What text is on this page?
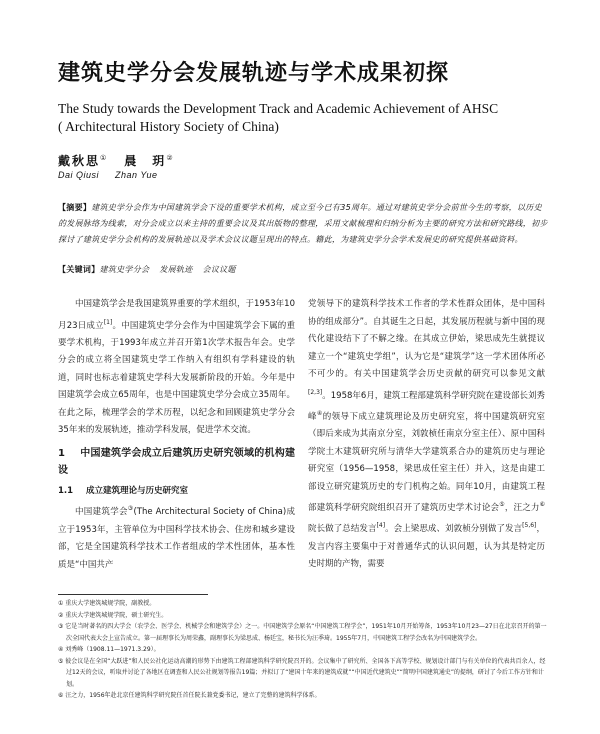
建筑史学分会发展轨迹与学术成果初探
The Study towards the Development Track and Academic Achievement of AHSC
( Architectural History Society of China)
戴秋思① 晨　玥②
Dai Qiusi Zhan Yue
【摘要】建筑史学分会作为中国建筑学会下设的重要学术机构，成立至今已有35周年。通过对建筑史学分会前世今生的考察，以历史的发展脉络为线索，对分会成立以来主持的重要会议及其出版物的整理，采用文献梳理和归纳分析为主要的研究方法和研究路线，初步探讨了建筑史学分会机构的发展轨迹以及学术会议议题呈现出的特点。籍此，为建筑史学分会学术发展史的研究提供基础资料。
【关键词】建筑史学分会 发展轨迹 会议议题

中国建筑学会是我国建筑界重要的学术组织，于1953年10月23日成立[1]。中国建筑史学分会作为中国建筑学会下属的重要学术机构，于1993年成立并召开第1次学术报告年会。史学分会的成立将全国建筑史学工作纳入有组织有学科建设的轨道，同时也标志着建筑史学科大发展新阶段的开始。今年是中国建筑学会成立65周年，也是中国建筑史学分会成立35周年。在此之际，梳理学会的学术历程，以纪念和回顾建筑史学分会35年来的发展轨迹，推动学科发展，促进学术交流。

1 中国建筑学会成立后建筑历史研究领域的机构建设
1.1 成立建筑理论与历史研究室

中国建筑学会③(The Architectural Society of China)成立于1953年，主管单位为中国科学技术协会、住房和城乡建设部，它是全国建筑科学技术工作者组成的学术性团体，基本性质是“中国共产

党领导下的建筑科学技术工作者的学术性群众团体，是中国科协的组成部分”。自其诞生之日起，其发展历程就与新中国的现代化建设结下了不解之缘。在其成立伊始，梁思成先生就提议建立一个“建筑史学组”，认为它是“建筑学”这一学术团体所必不可少的。有关中国建筑学会历史贡献的研究可以参见文献[2,3]。1958年6月，建筑工程部建筑科学研究院在建设部长刘秀峰④的领导下成立建筑理论及历史研究室，将中国建筑研究室（即后来成为其南京分室，刘敦桢任南京分室主任）、原中国科学院土木建筑研究所与清华大学建筑系合办的建筑历史与理论研究室（1956—1958，梁思成任室主任）并入，这是由建工部设立研究建筑历史的专门机构之始。同年10月，由建筑工程部建筑科学研究院组织召开了建筑历史学术讨论会⑤，汪之力⑥院长做了总结发言[4]。会上梁思成、刘敦桢分别做了发言[5,6]，发言内容主要集中于对普通华式的认识问题，认为其是特定历史时期的产物，需要

① 重庆大学建筑城规学院，副教授。
② 重庆大学建筑城规学院，硕士研究生。
③ 它是当时著名的四大学会（农学会、医学会、机械学会和建筑学会）之一。中国建筑学会原名“中国建筑工程学会”，1951年10月开始筹备，1953年10月23—27日在北京召开的第一次全国代表大会上宣告成立。第一届理事长为周荣鑫，副理事长为梁思成、杨廷宝，秘书长为汪季琦。1955年7月，中国建筑工程学会改名为中国建筑学会。
④ 刘秀峰（1908.11—1971.3.29）。
⑤ 彼会议是在全国“大跃进”和人民公社化运动高潮的形势下由建筑工程部建筑科学研究院召开的。会议集中了研究所、全国各下高等学校、规划设计部门与有关单位的代表共百余人，经过12天的会议，听取并讨论了各地区在调查和人民公社规划等报告19篇；并拟订了“建国十年来的建筑成就”“中国近代建筑史”“简明中国建筑通史”的提纲，研讨了今后工作方针和计划。
⑥ 汪之力，1956年赴北京任建筑科学研究院任首任院长兼党委书记，建立了完整的建筑科学体系。
